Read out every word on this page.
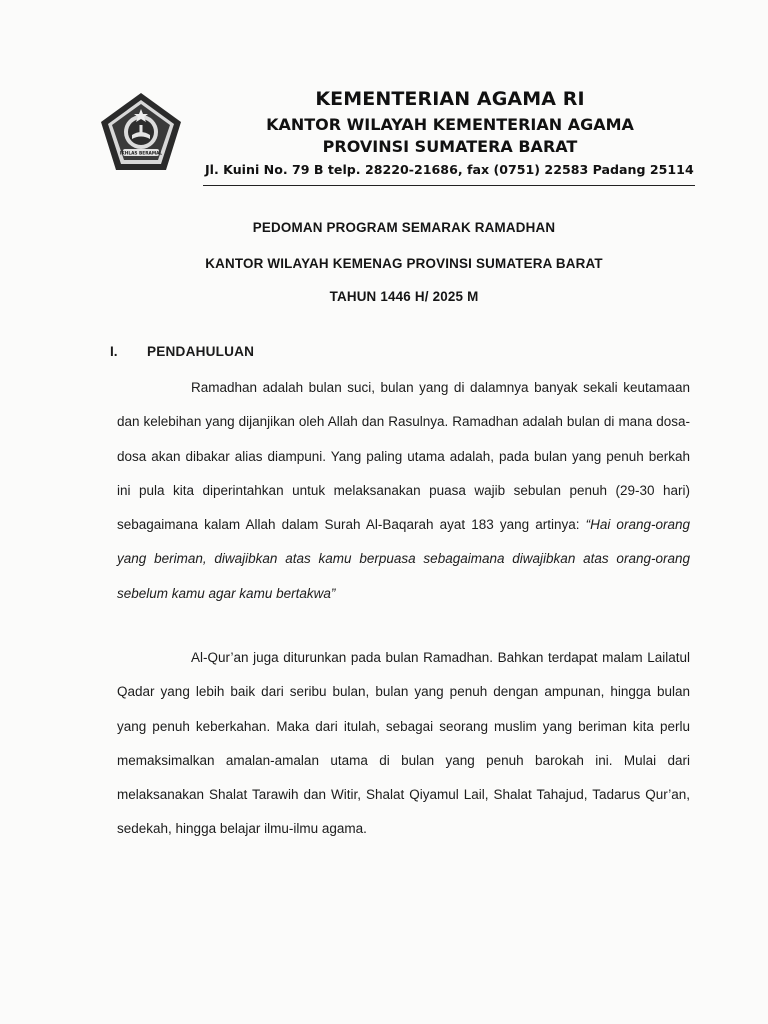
IKHLAS BERAMAL
KEMENTERIAN AGAMA RI
KANTOR WILAYAH KEMENTERIAN AGAMA
PROVINSI SUMATERA BARAT
Jl. Kuini No. 79 B telp. 28220-21686, fax (0751) 22583 Padang 25114
PEDOMAN PROGRAM SEMARAK RAMADHAN
KANTOR WILAYAH KEMENAG PROVINSI SUMATERA BARAT
TAHUN 1446 H/ 2025 M
I. PENDAHULUAN

Ramadhan adalah bulan suci, bulan yang di dalamnya banyak sekali keutamaan dan kelebihan yang dijanjikan oleh Allah dan Rasulnya. Ramadhan adalah bulan di mana dosa-dosa akan dibakar alias diampuni. Yang paling utama adalah, pada bulan yang penuh berkah ini pula kita diperintahkan untuk melaksanakan puasa wajib sebulan penuh (29-30 hari) sebagaimana kalam Allah dalam Surah Al-Baqarah ayat 183 yang artinya: “Hai orang-orang yang beriman, diwajibkan atas kamu berpuasa sebagaimana diwajibkan atas orang-orang sebelum kamu agar kamu bertakwa”

Al-Qur’an juga diturunkan pada bulan Ramadhan. Bahkan terdapat malam Lailatul Qadar yang lebih baik dari seribu bulan, bulan yang penuh dengan ampunan, hingga bulan yang penuh keberkahan. Maka dari itulah, sebagai seorang muslim yang beriman kita perlu memaksimalkan amalan-amalan utama di bulan yang penuh barokah ini. Mulai dari melaksanakan Shalat Tarawih dan Witir, Shalat Qiyamul Lail, Shalat Tahajud, Tadarus Qur’an, sedekah, hingga belajar ilmu-ilmu agama.
